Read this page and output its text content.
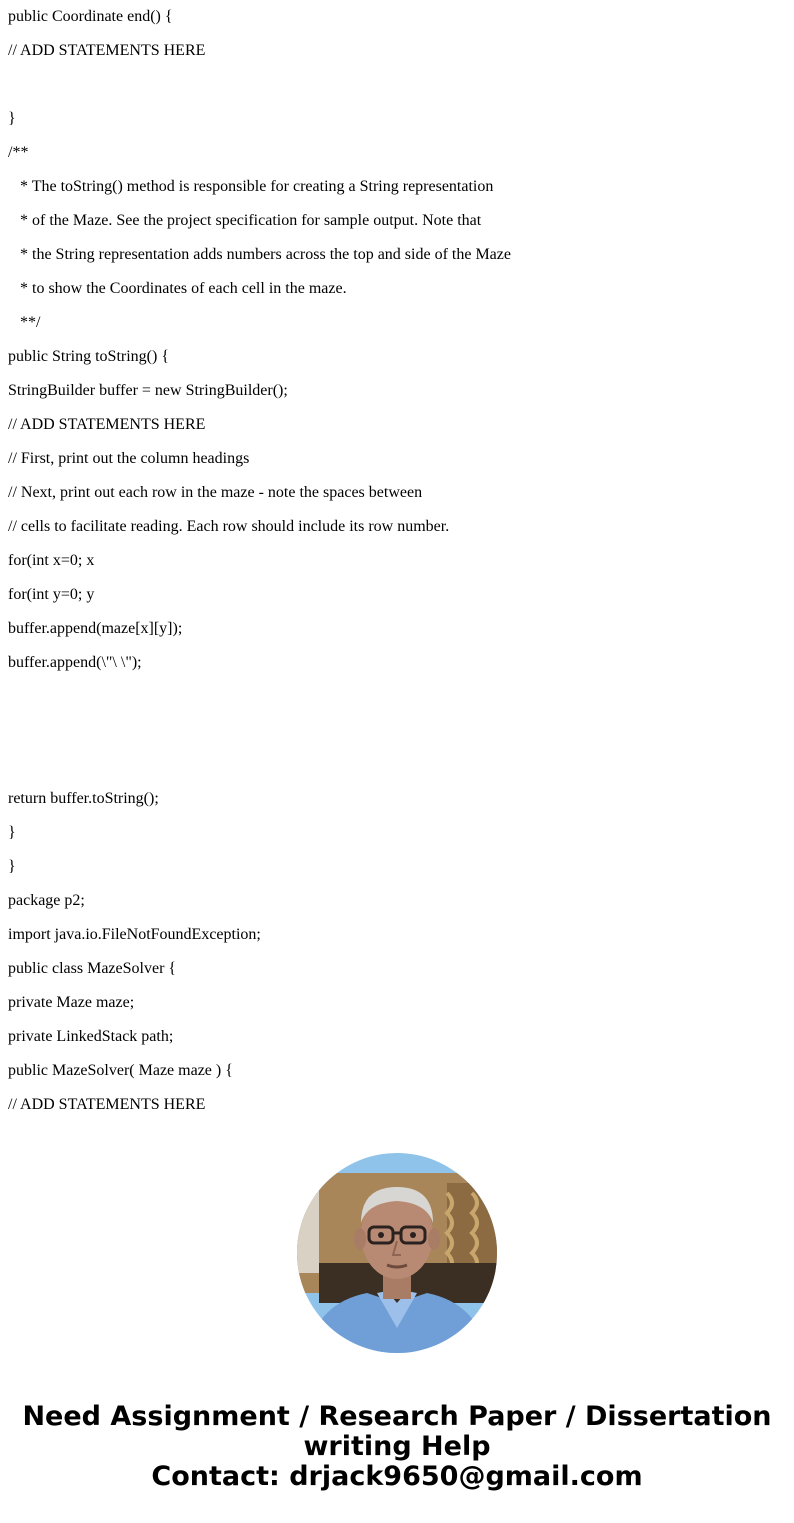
public Coordinate end() {
// ADD STATEMENTS HERE
}
/**
* The toString() method is responsible for creating a String representation
* of the Maze. See the project specification for sample output. Note that
* the String representation adds numbers across the top and side of the Maze
* to show the Coordinates of each cell in the maze.
**/
public String toString() {
StringBuilder buffer = new StringBuilder();
// ADD STATEMENTS HERE
// First, print out the column headings
// Next, print out each row in the maze - note the spaces between
// cells to facilitate reading. Each row should include its row number.
for(int x=0; x
for(int y=0; y
buffer.append(maze[x][y]);
buffer.append(\"\ \");
return buffer.toString();
}
}
package p2;
import java.io.FileNotFoundException;
public class MazeSolver {
private Maze maze;
private LinkedStack path;
public MazeSolver( Maze maze ) {
// ADD STATEMENTS HERE
Need Assignment / Research Paper / Dissertation
writing Help
Contact: drjack9650@gmail.com
